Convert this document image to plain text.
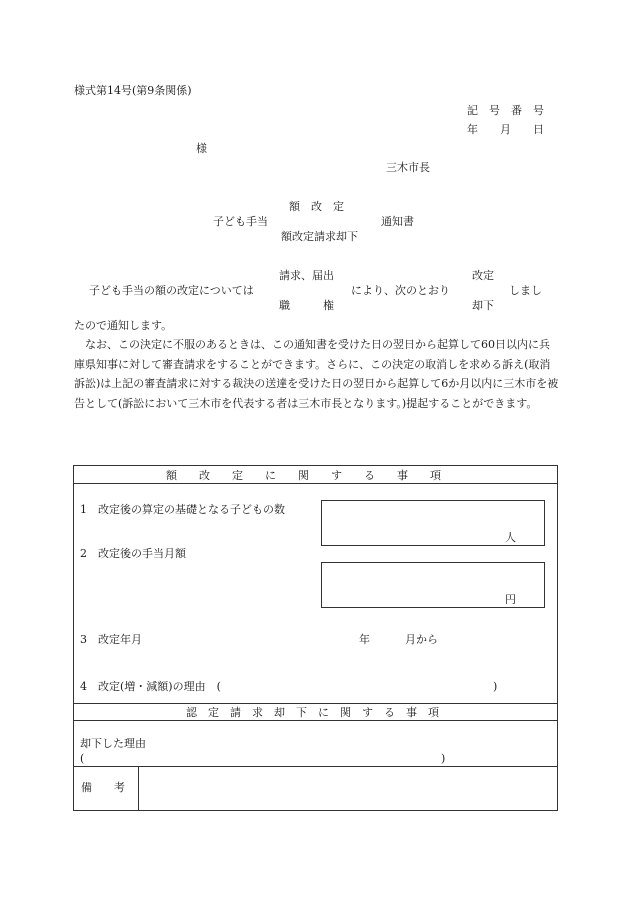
様式第14号(第9条関係)
記　号　番　号
年　　月　　日
様
三木市長
額　改　定
子ども手当	通知書
額改定請求却下
請求、届出	改定
子ども手当の額の改定については	により、次のとおり	しまし
職　　　権	却下
たので通知します。

　なお、この決定に不服のあるときは、この通知書を受けた日の翌日から起算して60日以内に兵庫県知事に対して審査請求をすることができます。さらに、この決定の取消しを求める訴え(取消訴訟)は上記の審査請求に対する裁決の送達を受けた日の翌日から起算して6か月以内に三木市を被告として(訴訟において三木市を代表する者は三木市長となります。)提起することができます。

額　　改　　定　　に　　関　　す　　る　　事　　項
1　改定後の算定の基礎となる子どもの数
人
2　改定後の手当月額
円
3　改定年月	年	月から
4　改定(増・減額)の理由　(	)
認　定　請　求　却　下　に　関　す　る　事　項
却下した理由
(	)
備　　考
